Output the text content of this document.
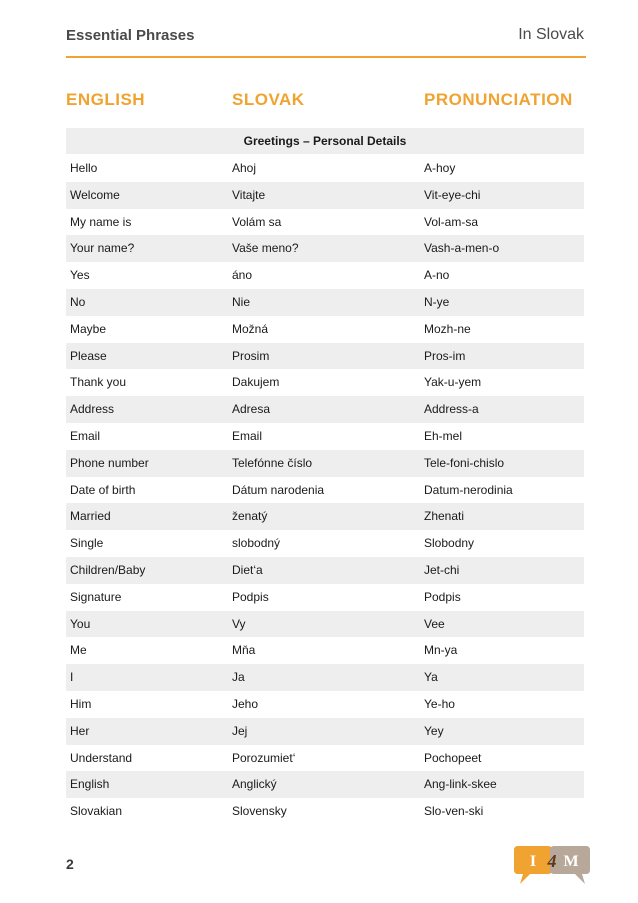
Essential Phrases	In Slovak
ENGLISH	SLOVAK	PRONUNCIATION
Greetings – Personal Details
Hello	Ahoj	A-hoy
Welcome	Vitajte	Vit-eye-chi
My name is	Volám sa	Vol-am-sa
Your name?	Vaše meno?	Vash-a-men-o
Yes	áno	A-no
No	Nie	N-ye
Maybe	Možná	Mozh-ne
Please	Prosim	Pros-im
Thank you	Dakujem	Yak-u-yem
Address	Adresa	Address-a
Email	Email	Eh-mel
Phone number	Telefónne číslo	Tele-foni-chislo
Date of birth	Dátum narodenia	Datum-nerodinia
Married	ženatý	Zhenati
Single	slobodný	Slobodny
Children/Baby	Diet‘a	Jet-chi
Signature	Podpis	Podpis
You	Vy	Vee
Me	Mňa	Mn-ya
I	Ja	Ya
Him	Jeho	Ye-ho
Her	Jej	Yey
Understand	Porozumiet‘	Pochopeet
English	Anglický	Ang-link-skee
Slovakian	Slovensky	Slo-ven-ski
2	I 4 M
